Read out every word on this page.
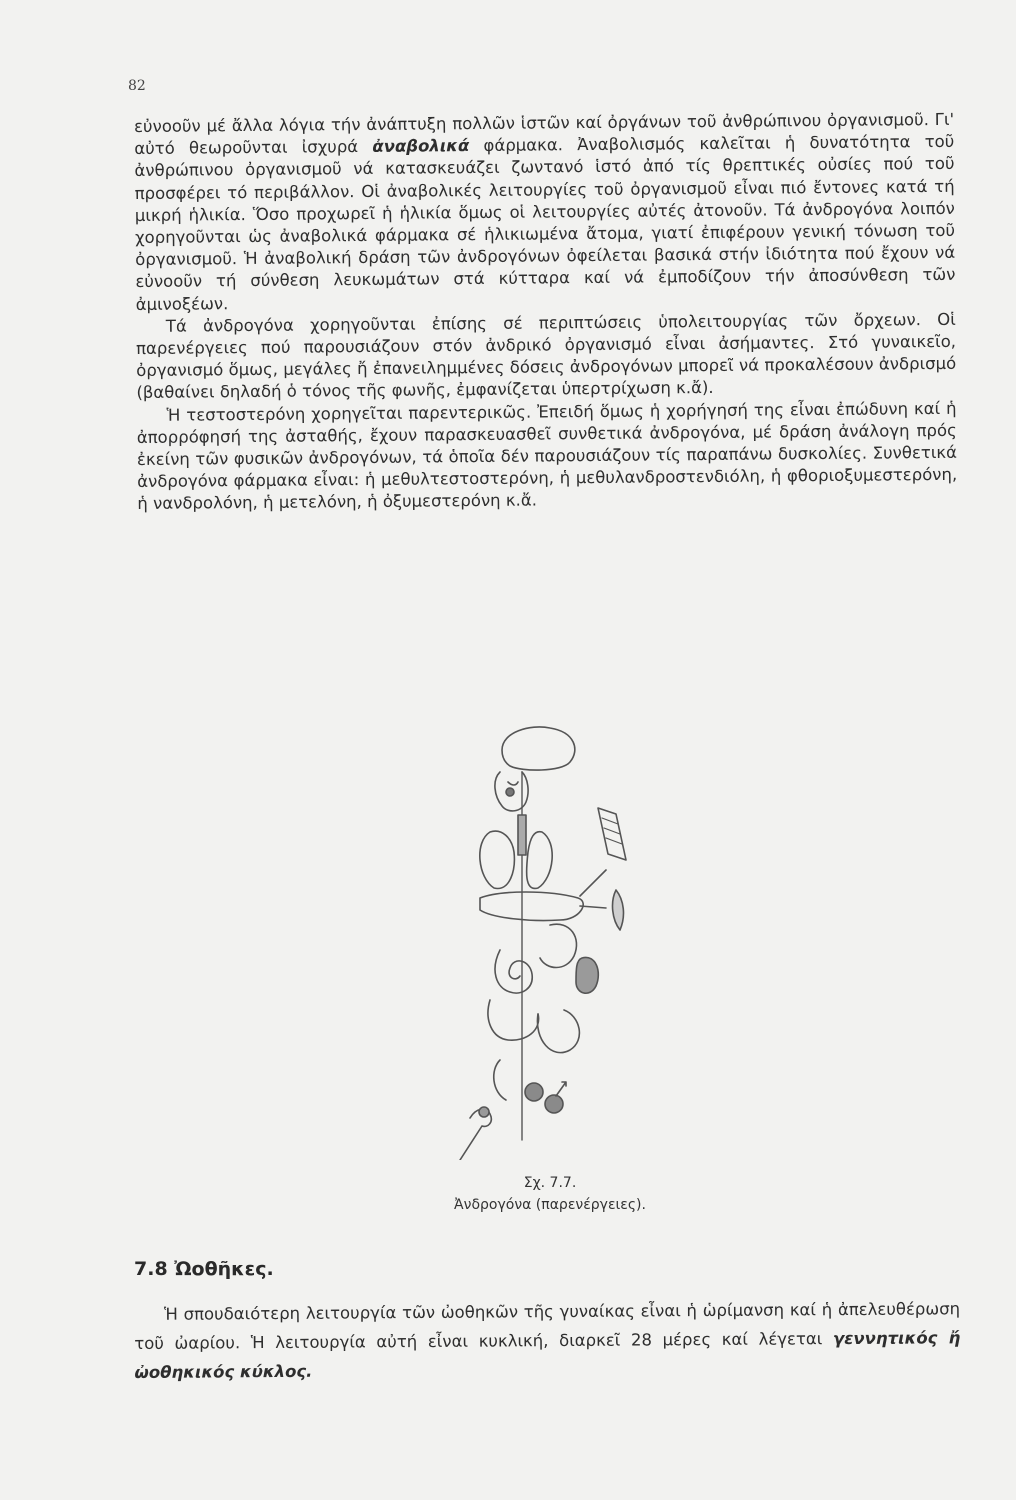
82

εὐνοοῦν μέ ἄλλα λόγια τήν ἀνάπτυξη πολλῶν ἱστῶν καί ὀργάνων τοῦ ἀνθρώπινου ὀργανισμοῦ. Γι' αὐτό θεωροῦνται ἰσχυρά ἀναβολικά φάρμακα. Ἀναβολισμός καλεῖται ἡ δυνατότητα τοῦ ἀνθρώπινου ὀργανισμοῦ νά κατασκευάζει ζωντανό ἱστό ἀπό τίς θρεπτικές οὐσίες πού τοῦ προσφέρει τό περιβάλλον. Οἱ ἀναβολικές λειτουργίες τοῦ ὀργανισμοῦ εἶναι πιό ἔντονες κατά τή μικρή ἡλικία. Ὅσο προχωρεῖ ἡ ἡλικία ὅμως οἱ λειτουργίες αὐτές ἀτονοῦν. Τά ἀνδρογόνα λοιπόν χορηγοῦνται ὡς ἀναβολικά φάρμακα σέ ἡλικιωμένα ἄτομα, γιατί ἐπιφέρουν γενική τόνωση τοῦ ὀργανισμοῦ. Ἡ ἀναβολική δράση τῶν ἀνδρογόνων ὀφείλεται βασικά στήν ἰδιότητα πού ἔχουν νά εὐνοοῦν τή σύνθεση λευκωμάτων στά κύτταρα καί νά ἐμποδίζουν τήν ἀποσύνθεση τῶν ἀμινοξέων.

Τά ἀνδρογόνα χορηγοῦνται ἐπίσης σέ περιπτώσεις ὑπολειτουργίας τῶν ὄρχεων. Οἱ παρενέργειες πού παρουσιάζουν στόν ἀνδρικό ὀργανισμό εἶναι ἀσήμαντες. Στό γυναικεῖο, ὀργανισμό ὅμως, μεγάλες ἤ ἐπανειλημμένες δόσεις ἀνδρογόνων μπορεῖ νά προκαλέσουν ἀνδρισμό (βαθαίνει δηλαδή ὁ τόνος τῆς φωνῆς, ἐμφανίζεται ὑπερτρίχωση κ.ἄ).

Ἡ τεστοστερόνη χορηγεῖται παρεντερικῶς. Ἐπειδή ὅμως ἡ χορήγησή της εἶναι ἐπώδυνη καί ἡ ἀπορρόφησή της ἀσταθής, ἔχουν παρασκευασθεῖ συνθετικά ἀνδρογόνα, μέ δράση ἀνάλογη πρός ἐκείνη τῶν φυσικῶν ἀνδρογόνων, τά ὁποῖα δέν παρουσιάζουν τίς παραπάνω δυσκολίες. Συνθετικά ἀνδρογόνα φάρμακα εἶναι: ἡ μεθυλτεστοστερόνη, ἡ μεθυλανδροστενδιόλη, ἡ φθοριοξυμεστερόνη, ἡ νανδρολόνη, ἡ μετελόνη, ἡ ὀξυμεστερόνη κ.ἄ.

Σχ. 7.7.
Ἀνδρογόνα (παρενέργειες).
7.8 Ὠοθῆκες.

Ἡ σπουδαιότερη λειτουργία τῶν ὠοθηκῶν τῆς γυναίκας εἶναι ἡ ὡρίμανση καί ἡ ἀπελευθέρωση τοῦ ὠαρίου. Ἡ λειτουργία αὐτή εἶναι κυκλική, διαρκεῖ 28 μέρες καί λέγεται γεννητικός ἤ ὠοθηκικός κύκλος.
